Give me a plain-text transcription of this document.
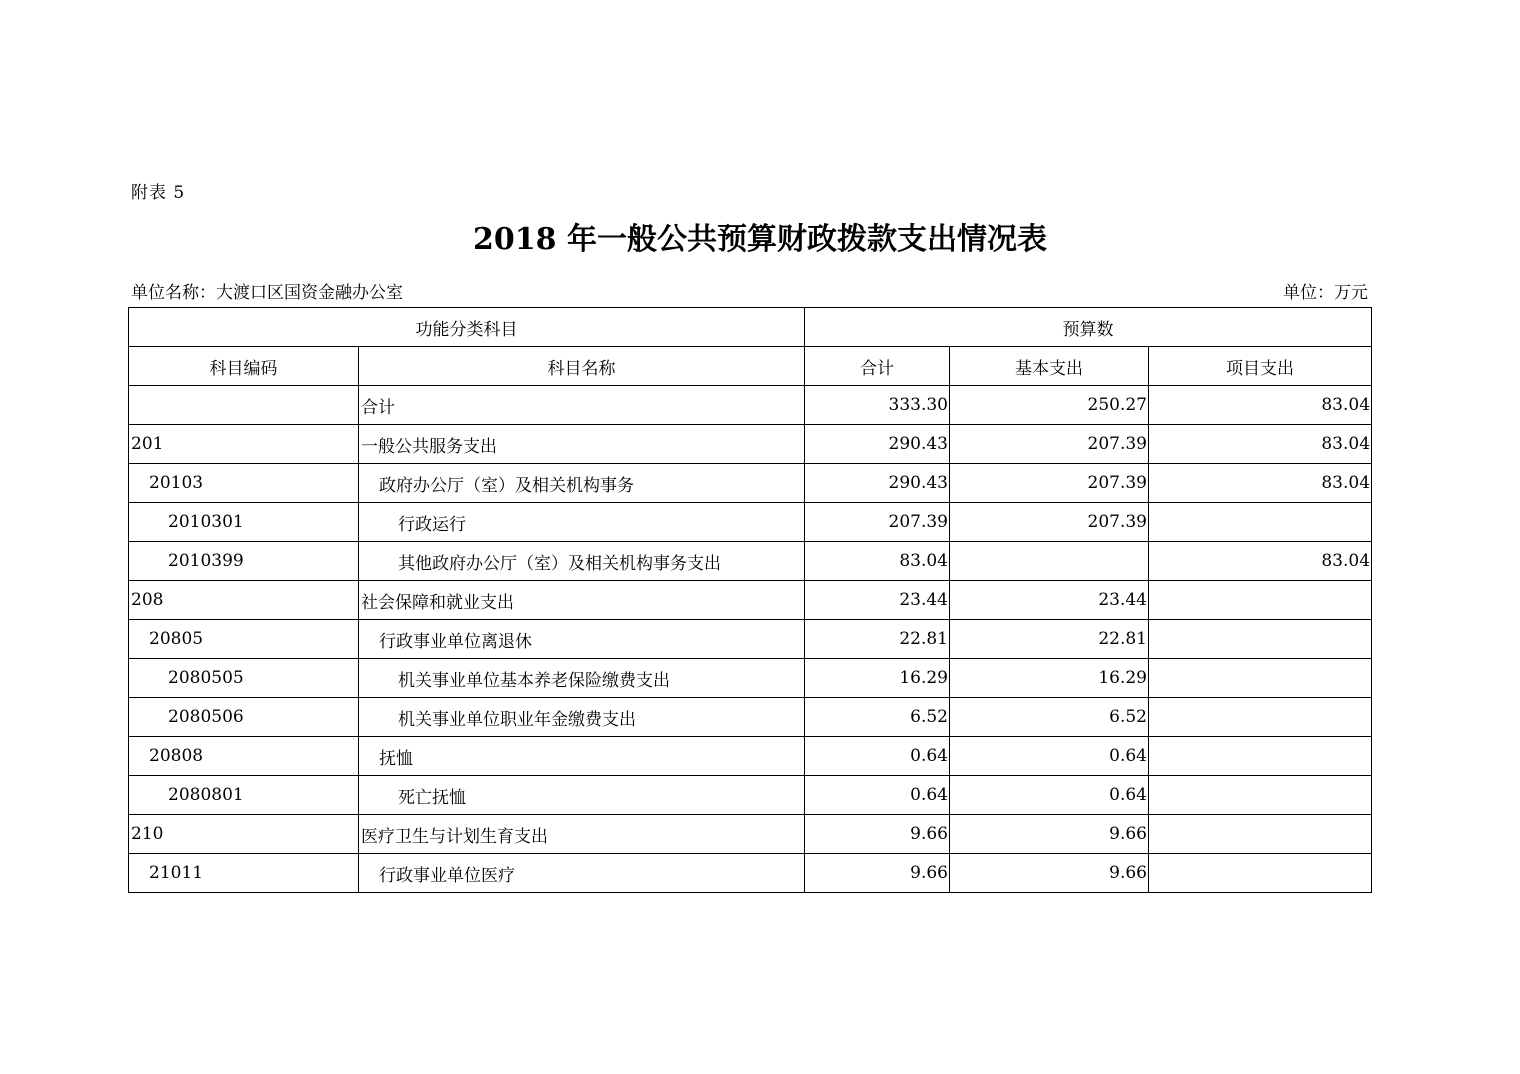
附表 5
2018 年一般公共预算财政拨款支出情况表
单位名称：大渡口区国资金融办公室	单位：万元
功能分类科目		预算数		
科目编码	科目名称	合计	基本支出	项目支出
	合计	333.30	250.27	83.04
201	一般公共服务支出	290.43	207.39	83.04
20103	政府办公厅（室）及相关机构事务	290.43	207.39	83.04
2010301	行政运行	207.39	207.39	
2010399	其他政府办公厅（室）及相关机构事务支出	83.04		83.04
208	社会保障和就业支出	23.44	23.44	
20805	行政事业单位离退休	22.81	22.81	
2080505	机关事业单位基本养老保险缴费支出	16.29	16.29	
2080506	机关事业单位职业年金缴费支出	6.52	6.52	
20808	抚恤	0.64	0.64	
2080801	死亡抚恤	0.64	0.64	
210	医疗卫生与计划生育支出	9.66	9.66	
21011	行政事业单位医疗	9.66	9.66	
